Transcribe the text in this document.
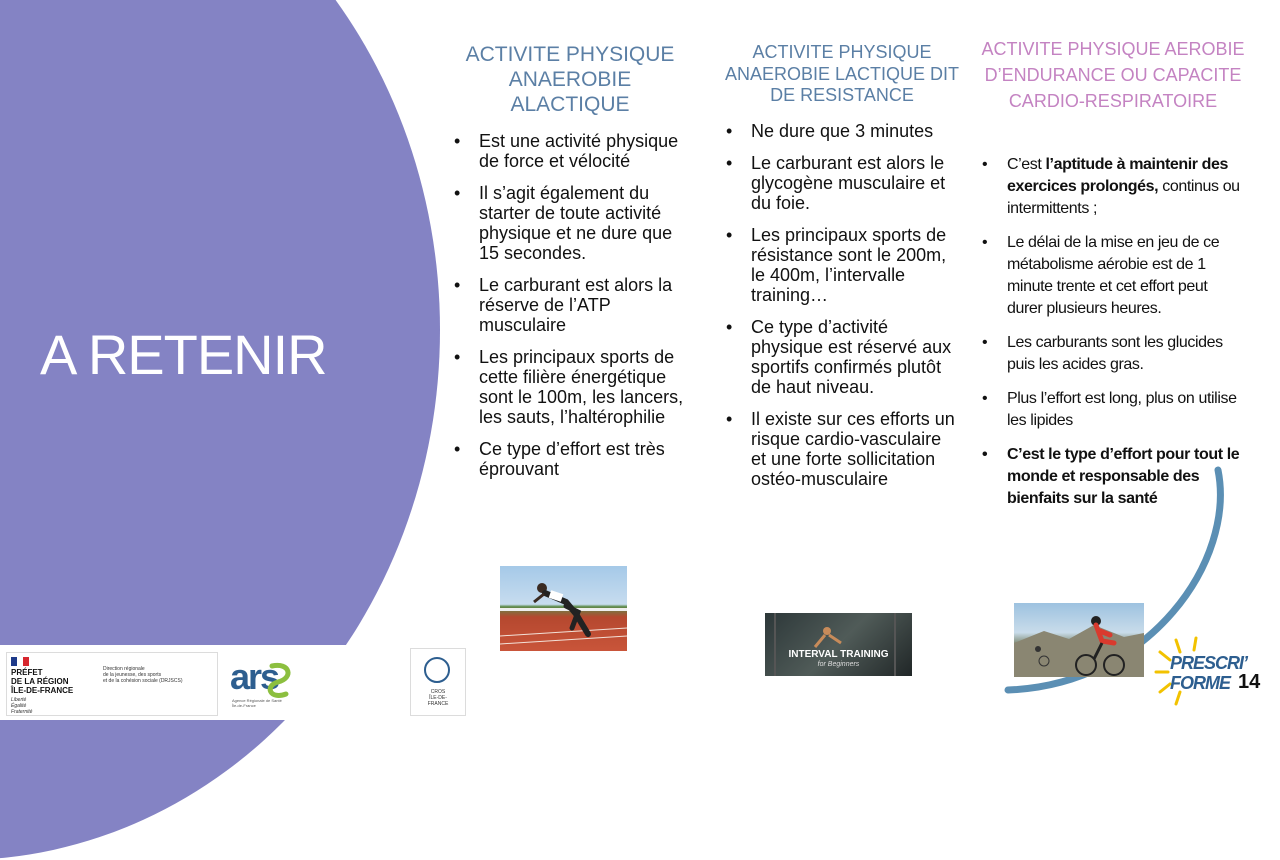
A RETENIR
ACTIVITE PHYSIQUE ANAEROBIE ALACTIQUE
• Est une activité physique de force et vélocité
• Il s’agit également du starter de toute activité physique et ne dure que 15 secondes.
• Le carburant est alors la réserve de l’ATP musculaire
• Les principaux sports de cette filière énergétique sont le 100m, les lancers, les sauts, l’haltérophilie
• Ce type d’effort est très éprouvant
ACTIVITE PHYSIQUE ANAEROBIE LACTIQUE DIT DE RESISTANCE
• Ne dure que 3 minutes
• Le carburant est alors le glycogène musculaire et du foie.
• Les principaux sports de résistance sont le 200m, le 400m, l’intervalle training…
• Ce type d’activité physique est réservé aux sportifs confirmés plutôt de haut niveau.
• Il existe sur ces efforts un risque cardio-vasculaire et une forte sollicitation ostéo-musculaire
ACTIVITE PHYSIQUE AEROBIE D’ENDURANCE OU CAPACITE CARDIO-RESPIRATOIRE
• C’est l’aptitude à maintenir des exercices prolongés, continus ou intermittents ;
• Le délai de la mise en jeu de ce métabolisme aérobie est de 1 minute trente et cet effort peut durer plusieurs heures.
• Les carburants sont les glucides puis les acides gras.
• Plus l’effort est long, plus on utilise les lipides
• C’est le type d’effort pour tout le monde et responsable des bienfaits sur la santé
INTERVAL TRAINING
for Beginners
PRÉFET
DE LA RÉGION
ÎLE-DE-FRANCE
Liberté
Égalité
Fraternité
Direction régionale
de la jeunesse, des sports
et de la cohésion sociale (DRJSCS)	ars
Agence Régionale de Santé
Île-de-France
CROS
ÎLE-DE-
FRANCE
PRESCRI’
FORME 14
